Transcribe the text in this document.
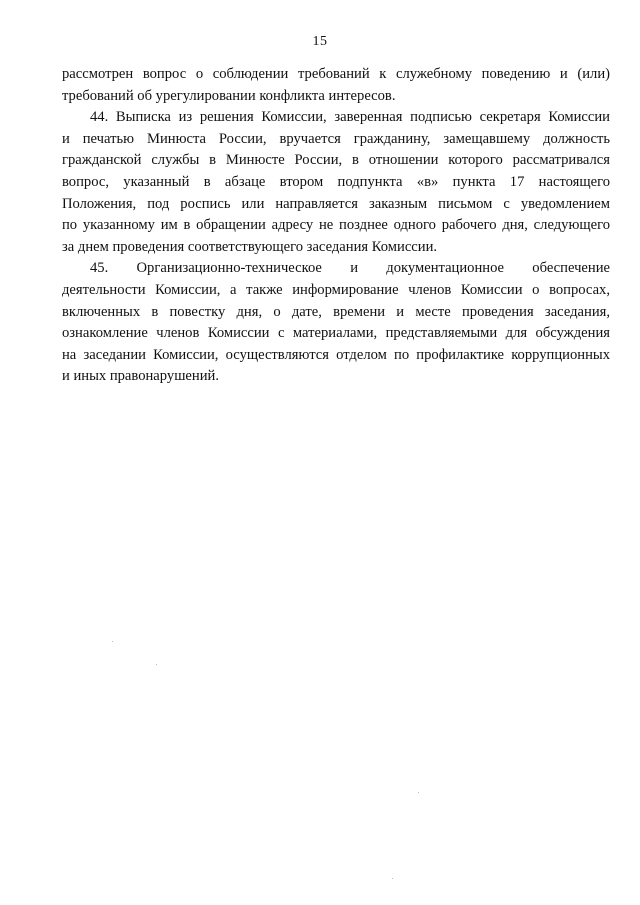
15
рассмотрен вопрос о соблюдении требований к служебному поведению и (или)
требований об урегулировании конфликта интересов.
44. Выписка из решения Комиссии, заверенная подписью секретаря Комиссии
и печатью Минюста России, вручается гражданину, замещавшему должность
гражданской службы в Минюсте России, в отношении которого рассматривался
вопрос, указанный в абзаце втором подпункта «в» пункта 17 настоящего
Положения, под роспись или направляется заказным письмом с уведомлением
по указанному им в обращении адресу не позднее одного рабочего дня, следующего
за днем проведения соответствующего заседания Комиссии.
45. Организационно-техническое и документационное обеспечение
деятельности Комиссии, а также информирование членов Комиссии о вопросах,
включенных в повестку дня, о дате, времени и месте проведения заседания,
ознакомление членов Комиссии с материалами, представляемыми для обсуждения
на заседании Комиссии, осуществляются отделом по профилактике коррупционных
и иных правонарушений.
